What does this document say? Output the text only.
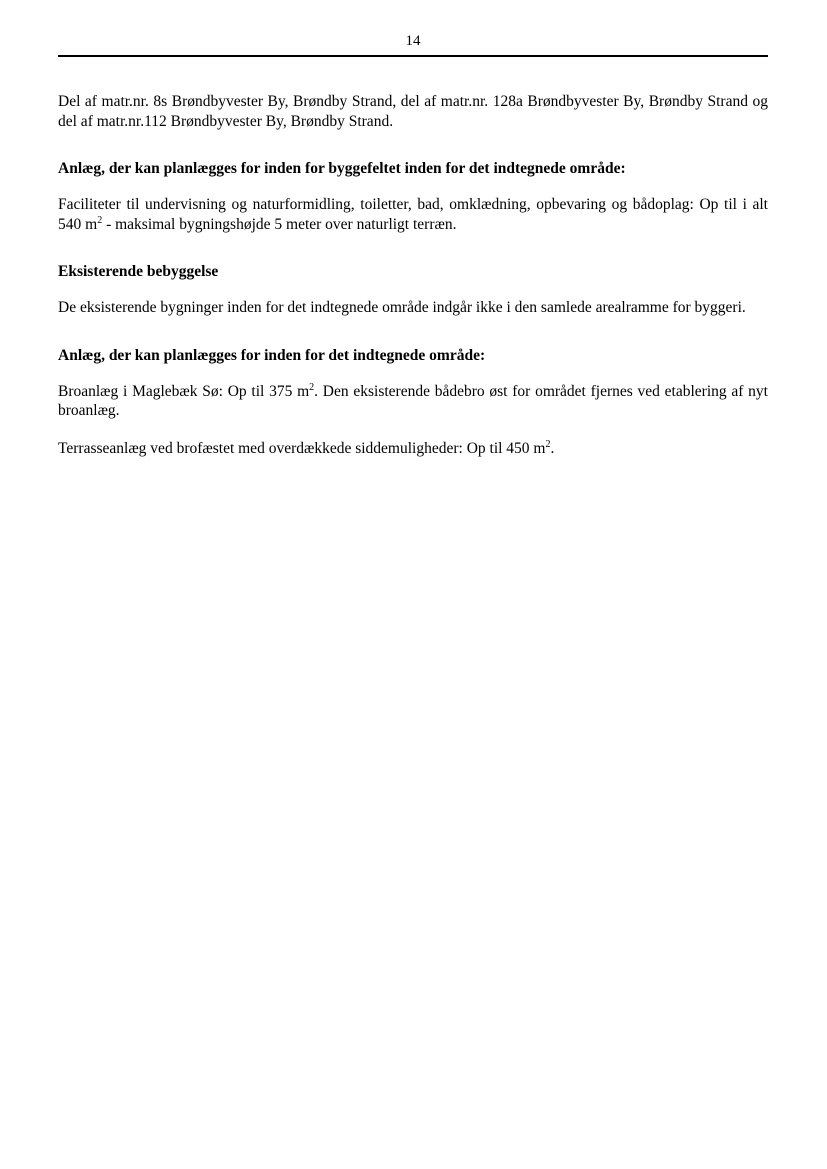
14

Del af matr.nr. 8s Brøndbyvester By, Brøndby Strand, del af matr.nr. 128a Brøndbyvester By, Brøndby Strand og del af matr.nr.112 Brøndbyvester By, Brøndby Strand.

Anlæg, der kan planlægges for inden for byggefeltet inden for det indtegnede område:

Faciliteter til undervisning og naturformidling, toiletter, bad, omklædning, opbevaring og bådoplag: Op til i alt 540 $m^2$ - maksimal bygningshøjde 5 meter over naturligt terræn.

Eksisterende bebyggelse

De eksisterende bygninger inden for det indtegnede område indgår ikke i den samlede arealramme for byggeri.

Anlæg, der kan planlægges for inden for det indtegnede område:

Broanlæg i Maglebæk Sø: Op til 375 $m^2$. Den eksisterende bådebro øst for området fjernes ved etablering af nyt broanlæg.

Terrasseanlæg ved brofæstet med overdækkede siddemuligheder: Op til 450 $m^2$.
